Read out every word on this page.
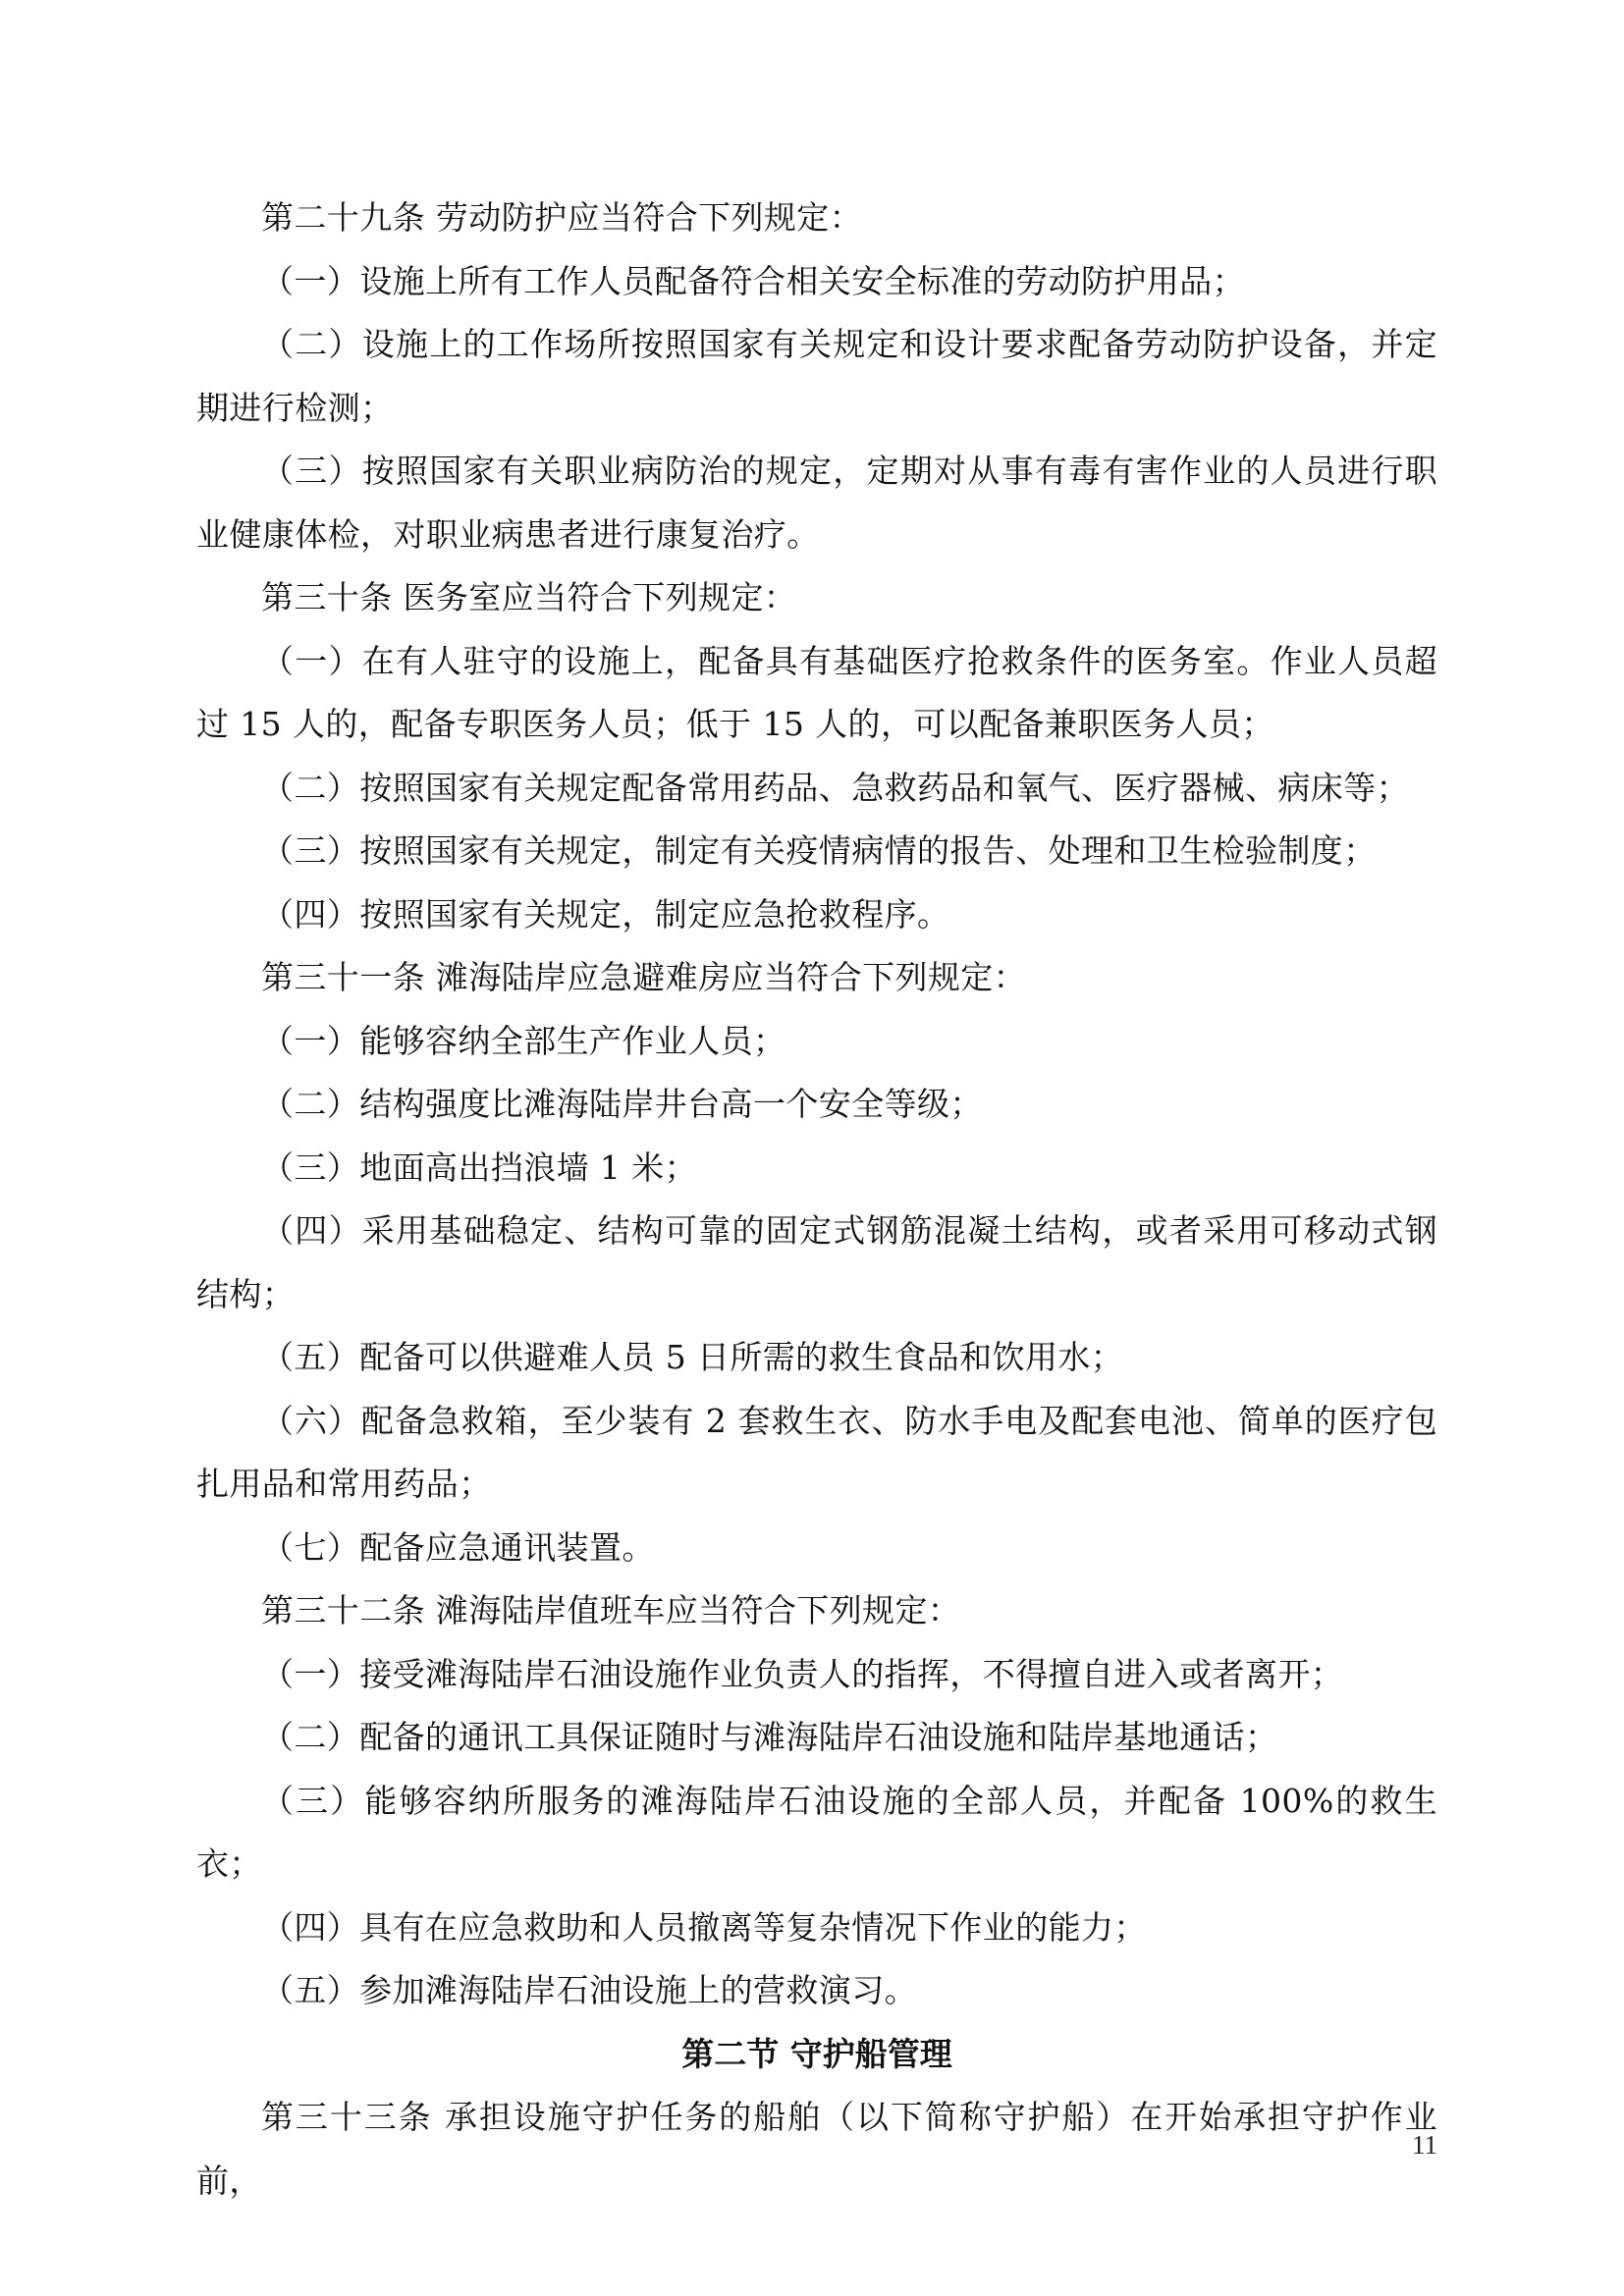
第二十九条 劳动防护应当符合下列规定：

（一）设施上所有工作人员配备符合相关安全标准的劳动防护用品；

（二）设施上的工作场所按照国家有关规定和设计要求配备劳动防护设备，并定期进行检测；

（三）按照国家有关职业病防治的规定，定期对从事有毒有害作业的人员进行职业健康体检，对职业病患者进行康复治疗。

第三十条 医务室应当符合下列规定：

（一）在有人驻守的设施上，配备具有基础医疗抢救条件的医务室。作业人员超过 15 人的，配备专职医务人员；低于 15 人的，可以配备兼职医务人员；

（二）按照国家有关规定配备常用药品、急救药品和氧气、医疗器械、病床等；

（三）按照国家有关规定，制定有关疫情病情的报告、处理和卫生检验制度；

（四）按照国家有关规定，制定应急抢救程序。

第三十一条 滩海陆岸应急避难房应当符合下列规定：

（一）能够容纳全部生产作业人员；

（二）结构强度比滩海陆岸井台高一个安全等级；

（三）地面高出挡浪墙 1 米；

（四）采用基础稳定、结构可靠的固定式钢筋混凝土结构，或者采用可移动式钢结构；

（五）配备可以供避难人员 5 日所需的救生食品和饮用水；

（六）配备急救箱，至少装有 2 套救生衣、防水手电及配套电池、简单的医疗包扎用品和常用药品；

（七）配备应急通讯装置。

第三十二条 滩海陆岸值班车应当符合下列规定：

（一）接受滩海陆岸石油设施作业负责人的指挥，不得擅自进入或者离开；

（二）配备的通讯工具保证随时与滩海陆岸石油设施和陆岸基地通话；

（三）能够容纳所服务的滩海陆岸石油设施的全部人员，并配备 100%的救生衣；

（四）具有在应急救助和人员撤离等复杂情况下作业的能力；

（五）参加滩海陆岸石油设施上的营救演习。

第二节 守护船管理

第三十三条 承担设施守护任务的船舶（以下简称守护船）在开始承担守护作业前，

11
